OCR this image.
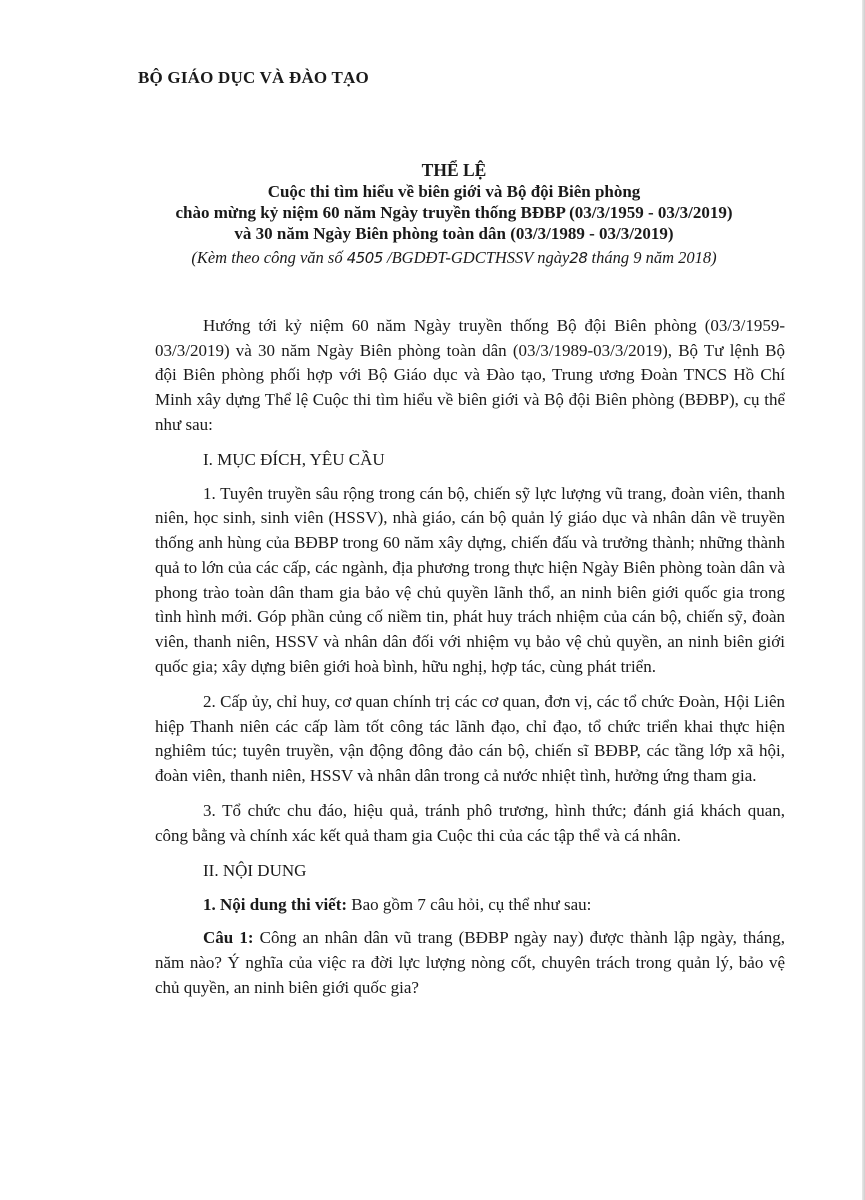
BỘ GIÁO DỤC VÀ ĐÀO TẠO
THỂ LỆ
Cuộc thi tìm hiểu về biên giới và Bộ đội Biên phòng
chào mừng kỷ niệm 60 năm Ngày truyền thống BĐBP (03/3/1959 - 03/3/2019)
và 30 năm Ngày Biên phòng toàn dân (03/3/1989 - 03/3/2019)
(Kèm theo công văn số 4505 /BGDĐT-GDCTHSSV ngày28 tháng 9 năm 2018)

Hướng tới kỷ niệm 60 năm Ngày truyền thống Bộ đội Biên phòng (03/3/1959-03/3/2019) và 30 năm Ngày Biên phòng toàn dân (03/3/1989-03/3/2019), Bộ Tư lệnh Bộ đội Biên phòng phối hợp với Bộ Giáo dục và Đào tạo, Trung ương Đoàn TNCS Hồ Chí Minh xây dựng Thể lệ Cuộc thi tìm hiểu về biên giới và Bộ đội Biên phòng (BĐBP), cụ thể như sau:

I. MỤC ĐÍCH, YÊU CẦU

1. Tuyên truyền sâu rộng trong cán bộ, chiến sỹ lực lượng vũ trang, đoàn viên, thanh niên, học sinh, sinh viên (HSSV), nhà giáo, cán bộ quản lý giáo dục và nhân dân về truyền thống anh hùng của BĐBP trong 60 năm xây dựng, chiến đấu và trưởng thành; những thành quả to lớn của các cấp, các ngành, địa phương trong thực hiện Ngày Biên phòng toàn dân và phong trào toàn dân tham gia bảo vệ chủ quyền lãnh thổ, an ninh biên giới quốc gia trong tình hình mới. Góp phần củng cố niềm tin, phát huy trách nhiệm của cán bộ, chiến sỹ, đoàn viên, thanh niên, HSSV và nhân dân đối với nhiệm vụ bảo vệ chủ quyền, an ninh biên giới quốc gia; xây dựng biên giới hoà bình, hữu nghị, hợp tác, cùng phát triển.

2. Cấp ủy, chỉ huy, cơ quan chính trị các cơ quan, đơn vị, các tổ chức Đoàn, Hội Liên hiệp Thanh niên các cấp làm tốt công tác lãnh đạo, chỉ đạo, tổ chức triển khai thực hiện nghiêm túc; tuyên truyền, vận động đông đảo cán bộ, chiến sĩ BĐBP, các tầng lớp xã hội, đoàn viên, thanh niên, HSSV và nhân dân trong cả nước nhiệt tình, hưởng ứng tham gia.

3. Tổ chức chu đáo, hiệu quả, tránh phô trương, hình thức; đánh giá khách quan, công bằng và chính xác kết quả tham gia Cuộc thi của các tập thể và cá nhân.

II. NỘI DUNG

1. Nội dung thi viết: Bao gồm 7 câu hỏi, cụ thể như sau:

Câu 1: Công an nhân dân vũ trang (BĐBP ngày nay) được thành lập ngày, tháng, năm nào? Ý nghĩa của việc ra đời lực lượng nòng cốt, chuyên trách trong quản lý, bảo vệ chủ quyền, an ninh biên giới quốc gia?
